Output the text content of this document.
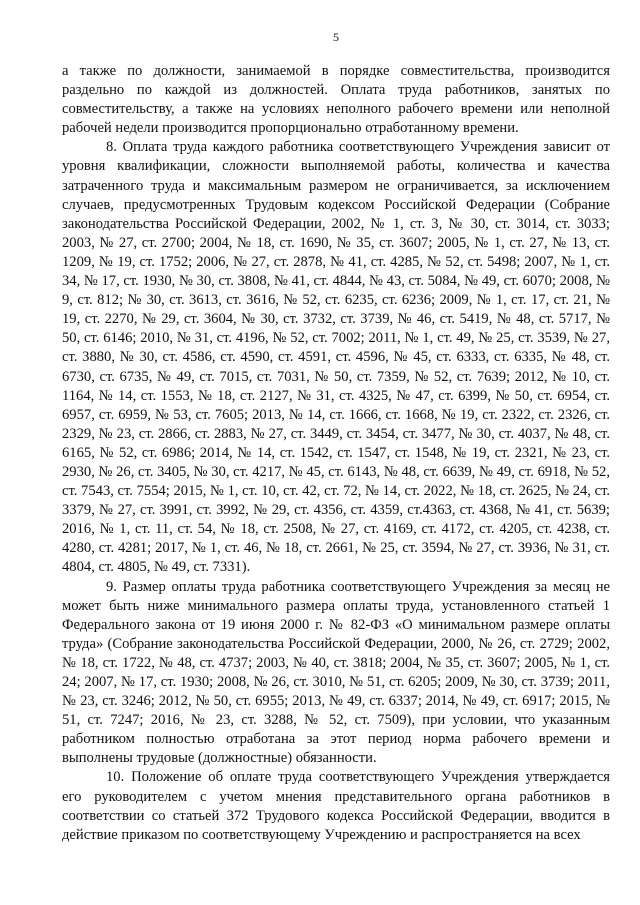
5

а также по должности, занимаемой в порядке совместительства, производится раздельно по каждой из должностей. Оплата труда работников, занятых по совместительству, а также на условиях неполного рабочего времени или неполной рабочей недели производится пропорционально отработанному времени.

8. Оплата труда каждого работника соответствующего Учреждения зависит от уровня квалификации, сложности выполняемой работы, количества и качества затраченного труда и максимальным размером не ограничивается, за исключением случаев, предусмотренных Трудовым кодексом Российской Федерации (Собрание законодательства Российской Федерации, 2002, № 1, ст. 3, № 30, ст. 3014, ст. 3033; 2003, № 27, ст. 2700; 2004, № 18, ст. 1690, № 35, ст. 3607; 2005, № 1, ст. 27, № 13, ст. 1209, № 19, ст. 1752; 2006, № 27, ст. 2878, № 41, ст. 4285, № 52, ст. 5498; 2007, № 1, ст. 34, № 17, ст. 1930, № 30, ст. 3808, № 41, ст. 4844, № 43, ст. 5084, № 49, ст. 6070; 2008, № 9, ст. 812; № 30, ст. 3613, ст. 3616, № 52, ст. 6235, ст. 6236; 2009, № 1, ст. 17, ст. 21, № 19, ст. 2270, № 29, ст. 3604, № 30, ст. 3732, ст. 3739, № 46, ст. 5419, № 48, ст. 5717, № 50, ст. 6146; 2010, № 31, ст. 4196, № 52, ст. 7002; 2011, № 1, ст. 49, № 25, ст. 3539, № 27, ст. 3880, № 30, ст. 4586, ст. 4590, ст. 4591, ст. 4596, № 45, ст. 6333, ст. 6335, № 48, ст. 6730, ст. 6735, № 49, ст. 7015, ст. 7031, № 50, ст. 7359, № 52, ст. 7639; 2012, № 10, ст. 1164, № 14, ст. 1553, № 18, ст. 2127, № 31, ст. 4325, № 47, ст. 6399, № 50, ст. 6954, ст. 6957, ст. 6959, № 53, ст. 7605; 2013, № 14, ст. 1666, ст. 1668, № 19, ст. 2322, ст. 2326, ст. 2329, № 23, ст. 2866, ст. 2883, № 27, ст. 3449, ст. 3454, ст. 3477, № 30, ст. 4037, № 48, ст. 6165, № 52, ст. 6986; 2014, № 14, ст. 1542, ст. 1547, ст. 1548, № 19, ст. 2321, № 23, ст. 2930, № 26, ст. 3405, № 30, ст. 4217, № 45, ст. 6143, № 48, ст. 6639, № 49, ст. 6918, № 52, ст. 7543, ст. 7554; 2015, № 1, ст. 10, ст. 42, ст. 72, № 14, ст. 2022, № 18, ст. 2625, № 24, ст. 3379, № 27, ст. 3991, ст. 3992, № 29, ст. 4356, ст. 4359, ст.4363, ст. 4368, № 41, ст. 5639; 2016, № 1, ст. 11, ст. 54, № 18, ст. 2508, № 27, ст. 4169, ст. 4172, ст. 4205, ст. 4238, ст. 4280, ст. 4281; 2017, № 1, ст. 46, № 18, ст. 2661, № 25, ст. 3594, № 27, ст. 3936, № 31, ст. 4804, ст. 4805, № 49, ст. 7331).

9. Размер оплаты труда работника соответствующего Учреждения за месяц не может быть ниже минимального размера оплаты труда, установленного статьей 1 Федерального закона от 19 июня 2000 г. № 82-ФЗ «О минимальном размере оплаты труда» (Собрание законодательства Российской Федерации, 2000, № 26, ст. 2729; 2002, № 18, ст. 1722, № 48, ст. 4737; 2003, № 40, ст. 3818; 2004, № 35, ст. 3607; 2005, № 1, ст. 24; 2007, № 17, ст. 1930; 2008, № 26, ст. 3010, № 51, ст. 6205; 2009, № 30, ст. 3739; 2011, № 23, ст. 3246; 2012, № 50, ст. 6955; 2013, № 49, ст. 6337; 2014, № 49, ст. 6917; 2015, № 51, ст. 7247; 2016, № 23, ст. 3288, № 52, ст. 7509), при условии, что указанным работником полностью отработана за этот период норма рабочего времени и выполнены трудовые (должностные) обязанности.

10. Положение об оплате труда соответствующего Учреждения утверждается его руководителем с учетом мнения представительного органа работников в соответствии со статьей 372 Трудового кодекса Российской Федерации, вводится в действие приказом по соответствующему Учреждению и распространяется на всех
